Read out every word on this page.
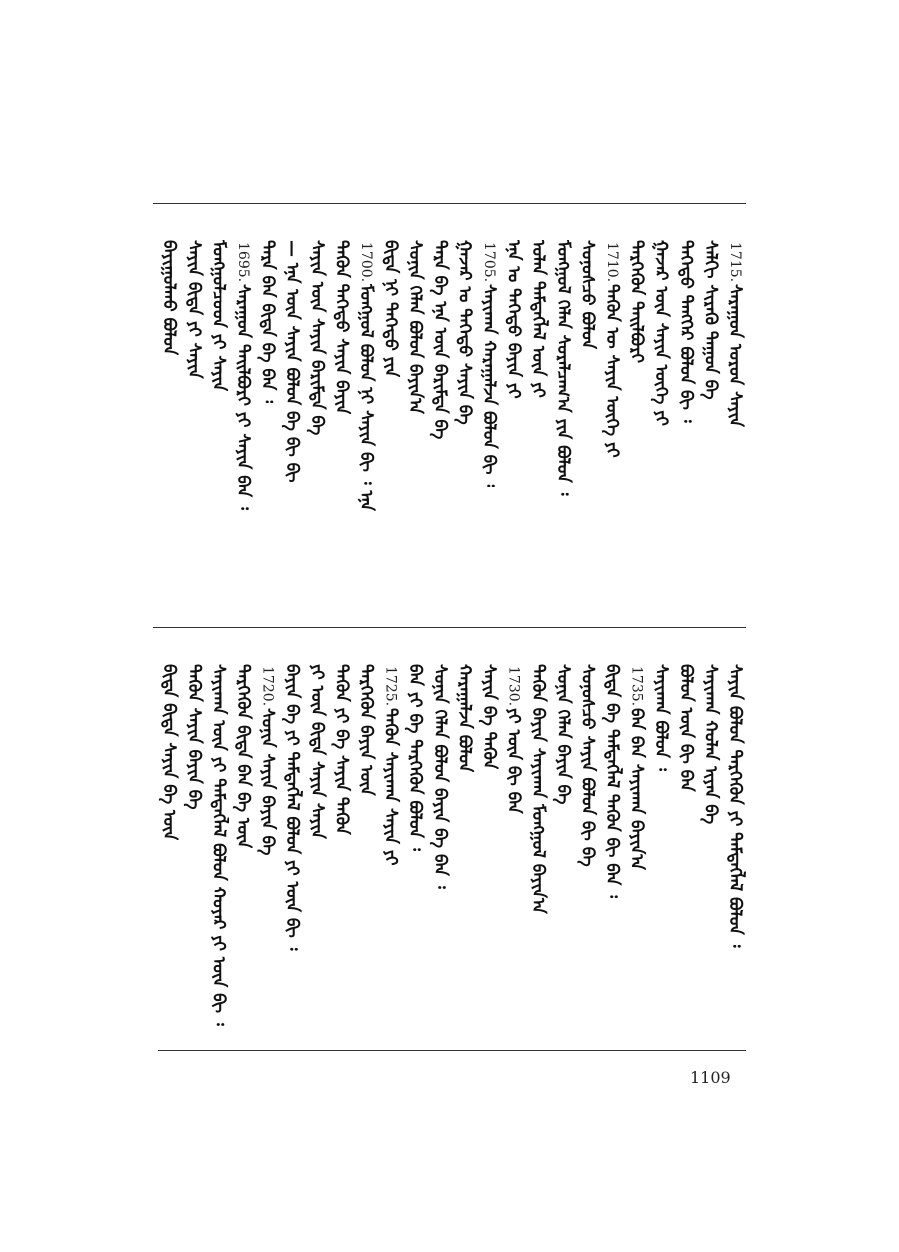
1715.
ᠰᠠᠷᠠᠭᠤᠨ ᠣᠷᠣᠨ ᠰᠠᠶᠢᠨ
ᠰᠠᠯᠬᠢ ᠰᠢᠷᠡᠬᠦ ᠳᠠᠭᠤᠨ ᠪᠠ
ᠳᠡᠭᠡᠳᠦ ᠲᠡᠩᠭᠡᠷ ᠪᠣᠯᠤᠨ ᠪᠢ ᠄
ᠭᠠᠵᠠᠷ ᠦᠨ ᠰᠠᠶᠢᠨ ᠦᠭᠡ ᠶᠢ
ᠲᠡᠷᠭᠡᠭᠦᠨ ᠲᠠᠢᠯᠪᠤᠷᠢ
1710.
ᠲᠡᠭᠦᠨ ᠦ ᠰᠠᠶᠢᠨ ᠦᠭᠡ ᠶᠢ
ᠰᠣᠨᠤᠰᠴᠤ ᠪᠣᠯᠤᠨ
ᠮᠣᠩᠭᠣᠯ ᠬᠡᠯᠡᠨ ᠰᠤᠷᠠᠯᠴᠠᠭ᠎ᠠ ᠶᠢᠨ ᠪᠣᠯᠤᠨ ᠄
ᠣᠯᠠᠨ ᠲᠡᠮᠳᠡᠭᠯᠡᠯ ᠦᠨ ᠶᠢ
ᠡᠨᠡ ᠣ ᠳᠡᠭᠡᠳᠦ ᠪᠠᠶᠢᠨ ᠶᠢ
1705.
ᠰᠠᠶᠢᠬᠠᠨ ᠬᠠᠷᠠᠭᠠᠯᠵᠠ ᠪᠣᠯᠤᠨ ᠪᠢ ᠄
ᠭᠠᠵᠠᠷ ᠣ ᠳᠡᠭᠡᠳᠦ ᠰᠠᠶᠢᠨ ᠪᠠ
ᠲᠡᠷᠡ ᠪᠠ ᠡᠨᠡ ᠦᠨ ᠪᠠᠷᠢᠮᠲᠠ ᠪᠠ
ᠰᠣᠨᠢᠨ ᠬᠡᠯᠡᠨ ᠪᠤᠯᠤᠨ ᠪᠠᠶᠢᠨ᠎ᠠ
ᠪᠢᠳᠡ ᠨᠢ ᠳᠡᠭᠡᠳᠦ ᠶᠢᠨ
1700.
ᠮᠣᠩᠭᠣᠯ ᠪᠣᠯᠤᠨ ᠨᠢ ᠰᠠᠶᠢᠨ ᠪᠢ ᠄ ᠡᠨᠡ
ᠲᠡᠭᠦᠨ ᠳᠡᠭᠡᠳᠦ ᠰᠠᠶᠢᠨ ᠪᠠᠶᠢᠨ
ᠰᠠᠶᠢᠨ ᠦᠨ ᠰᠠᠶᠢᠨ ᠪᠠᠷᠢᠮᠲᠠ ᠪᠠ
— ᠡᠨᠡ ᠦᠨ ᠰᠠᠶᠢᠨ ᠪᠣᠯᠤᠨ ᠪᠠ ᠪᠢ ᠪᠢ
ᠲᠡᠷᠡ ᠪᠠᠨ ᠪᠢᠳᠡ ᠪᠠ ᠪᠠᠨ ᠄
1695.
ᠰᠠᠷᠠᠭᠤᠨ ᠲᠠᠢᠯᠪᠤᠷᠢ ᠶᠢ ᠰᠠᠶᠢᠨ ᠪᠠᠨ ᠄
ᠮᠣᠩᠭᠣᠯᠴᠤᠳ ᠶᠢ ᠰᠠᠶᠢᠨ
ᠰᠠᠶᠢᠨ ᠪᠢᠳᠡ ᠶᠢ ᠰᠠᠶᠢᠨ
ᠪᠠᠶᠢᠭᠤᠯᠬᠤ ᠪᠣᠯᠤᠨ
ᠰᠠᠶᠢᠨ ᠪᠣᠯᠤᠨ ᠲᠡᠷᠭᠡᠭᠦᠨ ᠶᠢ ᠲᠡᠮᠳᠡᠭᠯᠡᠯ ᠪᠣᠯᠤᠨ ᠄
ᠰᠠᠶᠢᠬᠠᠨ ᠬᠣᠯᠠᠨ ᠢᠶᠠᠨ ᠪᠠ
ᠪᠣᠯᠤᠨ ᠦᠨ ᠪᠢ ᠪᠠᠨ
ᠰᠠᠶᠢᠬᠠᠨ ᠪᠣᠯᠤᠨ ᠄
1735.
ᠪᠠᠨ ᠪᠠᠨ ᠰᠠᠶᠢᠬᠠᠨ ᠪᠠᠶᠢᠨ᠎ᠠ
ᠪᠢᠳᠡ ᠪᠠ ᠲᠡᠮᠳᠡᠭᠯᠡᠯ ᠲᠡᠭᠦᠨ ᠪᠢ ᠪᠠᠨ ᠄
ᠰᠣᠨᠤᠰᠴᠤ ᠰᠠᠶᠢᠨ ᠪᠣᠯᠤᠨ ᠪᠢ ᠪᠠ
ᠰᠣᠨᠢᠨ ᠬᠡᠯᠡᠨ ᠪᠠᠶᠢᠨ ᠪᠠ
ᠲᠡᠭᠦᠨ ᠪᠠᠶᠢᠨ ᠰᠠᠶᠢᠬᠠᠨ ᠮᠣᠩᠭᠣᠯ ᠪᠠᠶᠢᠨ᠎ᠠ
1730.
ᠶᠢ ᠦᠨ ᠪᠢ ᠪᠠᠨ
ᠰᠠᠶᠢᠨ ᠪᠠ ᠲᠡᠭᠦᠨ
ᠬᠠᠷᠠᠭᠠᠯᠵᠠ ᠪᠣᠯᠤᠨ
ᠰᠣᠨᠢᠨ ᠬᠡᠯᠡᠨ ᠪᠤᠯᠤᠨ ᠪᠠᠶᠢᠨ ᠪᠠ ᠪᠠᠨ ᠄
ᠪᠠᠨ ᠶᠢ ᠪᠠ ᠲᠡᠷᠭᠡᠭᠦᠨ ᠪᠣᠯᠤᠨ ᠄
1725.
ᠲᠡᠭᠦᠨ ᠰᠠᠶᠢᠬᠠᠨ ᠰᠠᠶᠢᠨ ᠶᠢ
ᠲᠡᠷᠭᠡᠭᠦᠨ ᠪᠠᠶᠢᠨ ᠦᠨ
ᠲᠡᠭᠦᠨ ᠶᠢ ᠪᠠ ᠰᠠᠶᠢᠨ ᠲᠡᠭᠦᠨ
ᠶᠢ ᠦᠨ ᠪᠢᠳᠡ ᠰᠠᠶᠢᠨ ᠰᠠᠶᠢᠨ
ᠪᠠᠶᠢᠨ ᠪᠠ ᠶᠢ ᠲᠡᠮᠳᠡᠭᠯᠡᠯ ᠪᠣᠯᠤᠨ ᠶᠢ ᠦᠨ ᠪᠢ ᠄
1720.
ᠰᠣᠨᠢᠨ ᠰᠠᠶᠢᠨ ᠪᠠᠶᠢᠨ ᠪᠠ
ᠲᠡᠷᠭᠡᠭᠦᠨ ᠪᠢᠳᠡ ᠪᠠᠨ ᠪᠠ ᠦᠨ
ᠰᠠᠶᠢᠬᠠᠨ ᠦᠨ ᠶᠢ ᠲᠡᠮᠳᠡᠭᠯᠡᠯ ᠪᠣᠯᠤᠨ ᠬᠣᠶᠠᠷ ᠶᠢ ᠦᠨ ᠪᠢ ᠄
ᠲᠡᠭᠦᠨ ᠰᠠᠶᠢᠨ ᠪᠠᠶᠢᠨ ᠪᠠ
ᠪᠢᠳᠡ ᠪᠢᠳᠡ ᠰᠠᠶᠢᠨ ᠪᠠ ᠦᠨ
1109
